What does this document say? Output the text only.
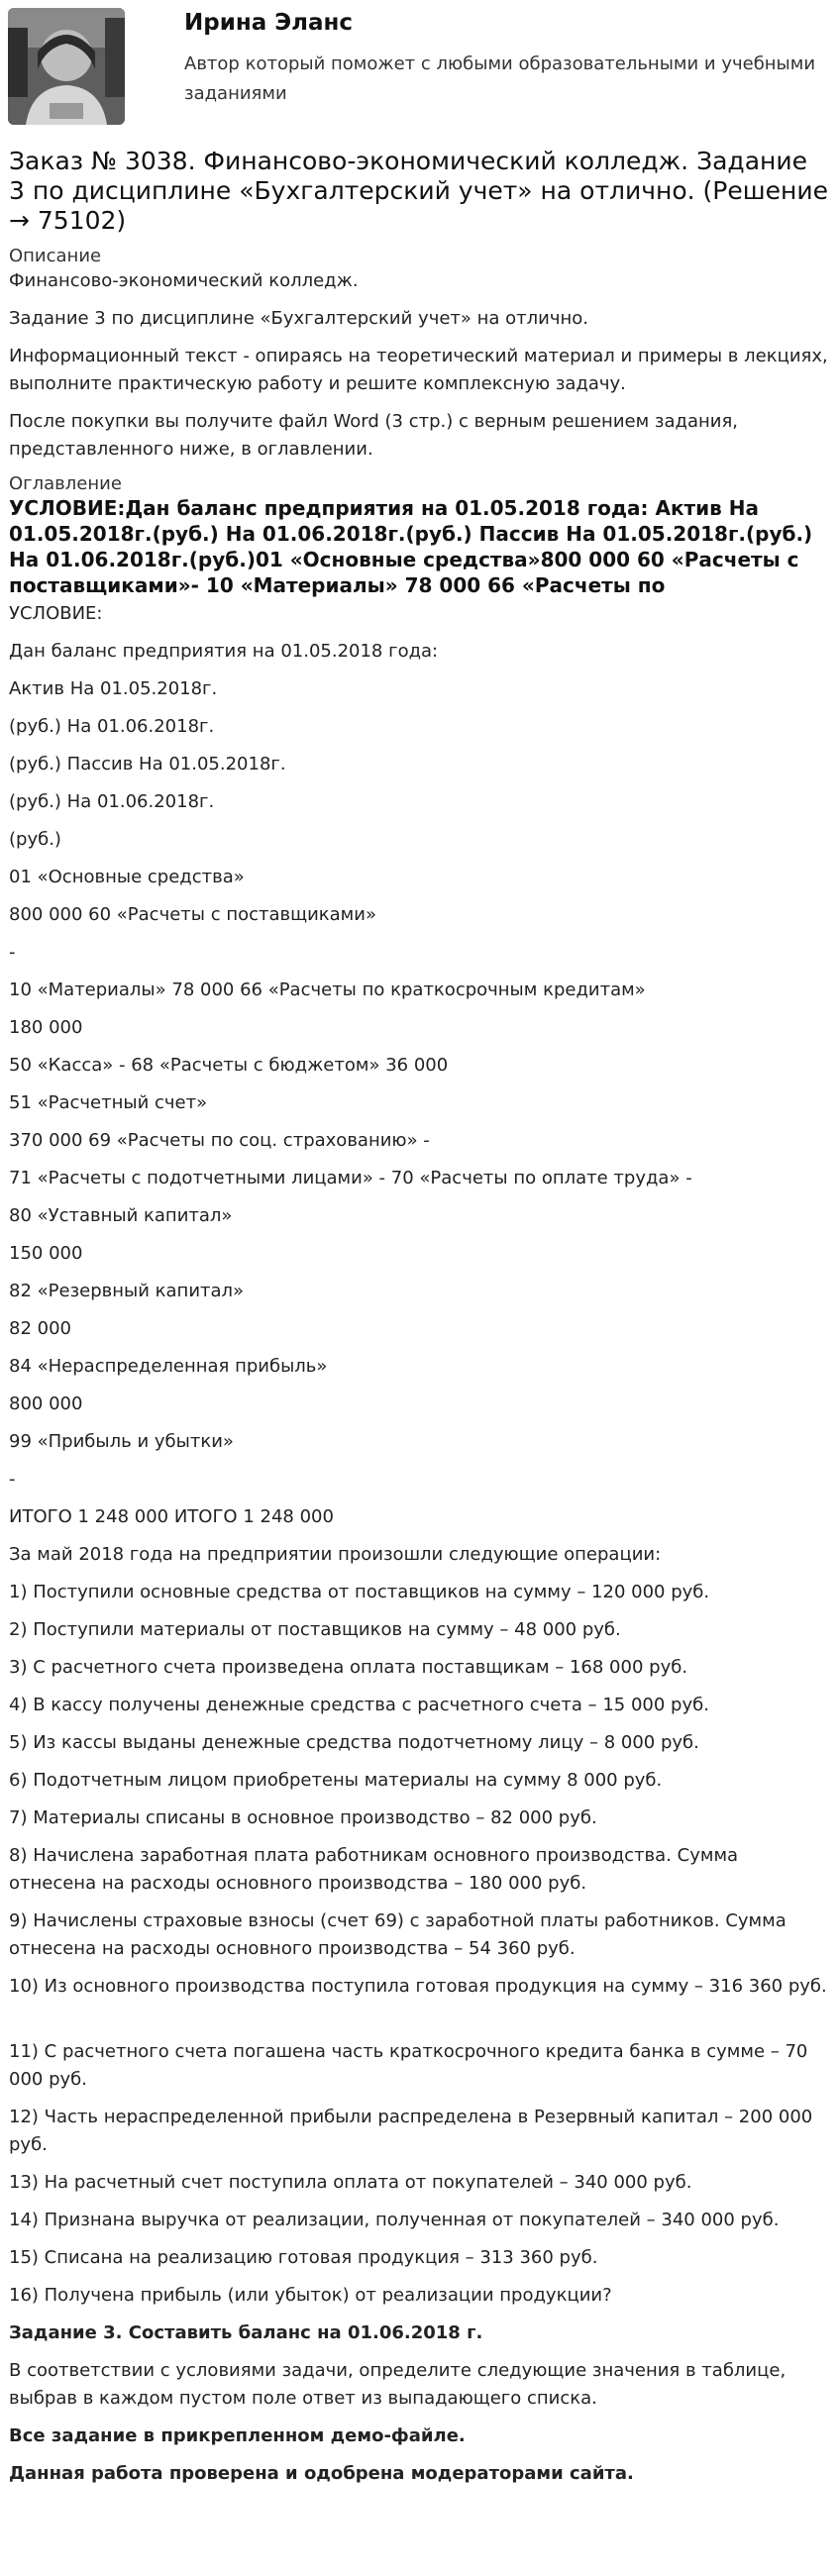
Ирина Эланс
Автор который поможет с любыми образовательными и учебными заданиями
Заказ № 3038. Финансово-экономический колледж. Задание 3 по дисциплине «Бухгалтерский учет» на отлично. (Решение → 75102)
Описание

Финансово-экономический колледж.

Задание 3 по дисциплине «Бухгалтерский учет» на отлично.

Информационный текст - опираясь на теоретический материал и примеры в лекциях, выполните практическую работу и решите комплексную задачу.

После покупки вы получите файл Word (3 стр.) с верным решением задания, представленного ниже, в оглавлении.

Оглавление
УСЛОВИЕ:Дан баланс предприятия на 01.05.2018 года: Актив На 01.05.2018г.(руб.) На 01.06.2018г.(руб.) Пассив На 01.05.2018г.(руб.) На 01.06.2018г.(руб.)01 «Основные средства»800 000 60 «Расчеты с поставщиками»- 10 «Материалы» 78 000 66 «Расчеты по
УСЛОВИЕ:
Дан баланс предприятия на 01.05.2018 года:
Актив На 01.05.2018г.
(руб.) На 01.06.2018г.
(руб.) Пассив На 01.05.2018г.
(руб.) На 01.06.2018г.
(руб.)
01 «Основные средства»
800 000 60 «Расчеты с поставщиками»
-
10 «Материалы» 78 000 66 «Расчеты по краткосрочным кредитам»
180 000
50 «Касса» - 68 «Расчеты с бюджетом» 36 000
51 «Расчетный счет»
370 000 69 «Расчеты по соц. страхованию» -
71 «Расчеты с подотчетными лицами» - 70 «Расчеты по оплате труда» -
80 «Уставный капитал»
150 000
82 «Резервный капитал»
82 000
84 «Нераспределенная прибыль»
800 000
99 «Прибыль и убытки»
-
ИТОГО 1 248 000 ИТОГО 1 248 000
За май 2018 года на предприятии произошли следующие операции:
1) Поступили основные средства от поставщиков на сумму – 120 000 руб.
2) Поступили материалы от поставщиков на сумму – 48 000 руб.
3) С расчетного счета произведена оплата поставщикам – 168 000 руб.
4) В кассу получены денежные средства с расчетного счета – 15 000 руб.
5) Из кассы выданы денежные средства подотчетному лицу – 8 000 руб.
6) Подотчетным лицом приобретены материалы на сумму 8 000 руб.
7) Материалы списаны в основное производство – 82 000 руб.
8) Начислена заработная плата работникам основного производства. Сумма отнесена на расходы основного производства – 180 000 руб.
9) Начислены страховые взносы (счет 69) с заработной платы работников. Сумма отнесена на расходы основного производства – 54 360 руб.
10) Из основного производства поступила готовая продукция на сумму – 316 360 руб.
11) С расчетного счета погашена часть краткосрочного кредита банка в сумме – 70 000 руб.
12) Часть нераспределенной прибыли распределена в Резервный капитал – 200 000 руб.
13) На расчетный счет поступила оплата от покупателей – 340 000 руб.
14) Признана выручка от реализации, полученная от покупателей – 340 000 руб.
15) Списана на реализацию готовая продукция – 313 360 руб.
16) Получена прибыль (или убыток) от реализации продукции?
Задание 3. Составить баланс на 01.06.2018 г.
В соответствии с условиями задачи, определите следующие значения в таблице, выбрав в каждом пустом поле ответ из выпадающего списка.
Все задание в прикрепленном демо-файле.
Данная работа проверена и одобрена модераторами сайта.
